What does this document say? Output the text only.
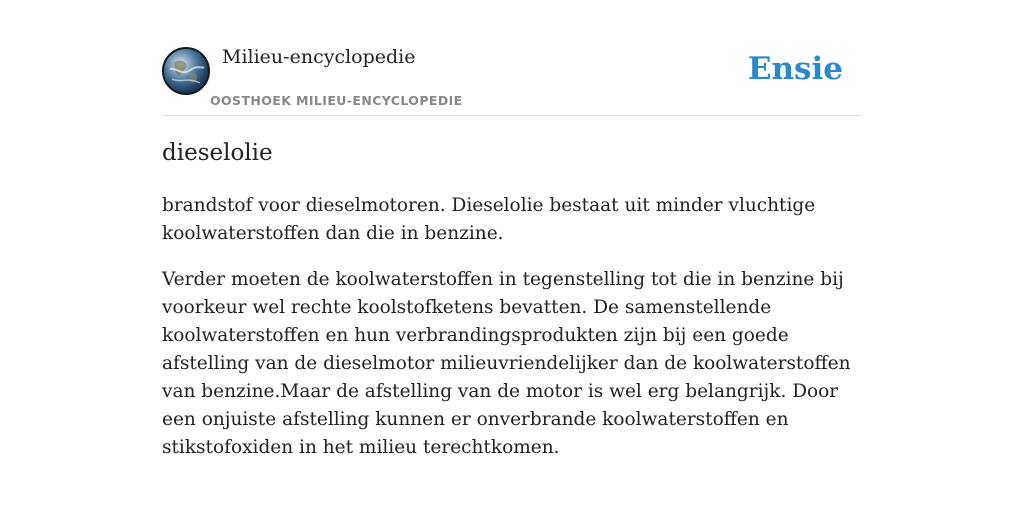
Milieu-encyclopedie
OOSTHOEK MILIEU-ENCYCLOPEDIE
Ensie
dieselolie

brandstof voor dieselmotoren. Dieselolie bestaat uit minder vluchtige koolwaterstoffen dan die in benzine.

Verder moeten de koolwaterstoffen in tegenstelling tot die in benzine bij voorkeur wel rechte koolstofketens bevatten. De samenstellende koolwaterstoffen en hun verbrandingsprodukten zijn bij een goede afstelling van de dieselmotor milieuvriendelijker dan de koolwaterstoffen van benzine.Maar de afstelling van de motor is wel erg belangrijk. Door een onjuiste afstelling kunnen er onverbrande koolwaterstoffen en stikstofoxiden in het milieu terechtkomen.
